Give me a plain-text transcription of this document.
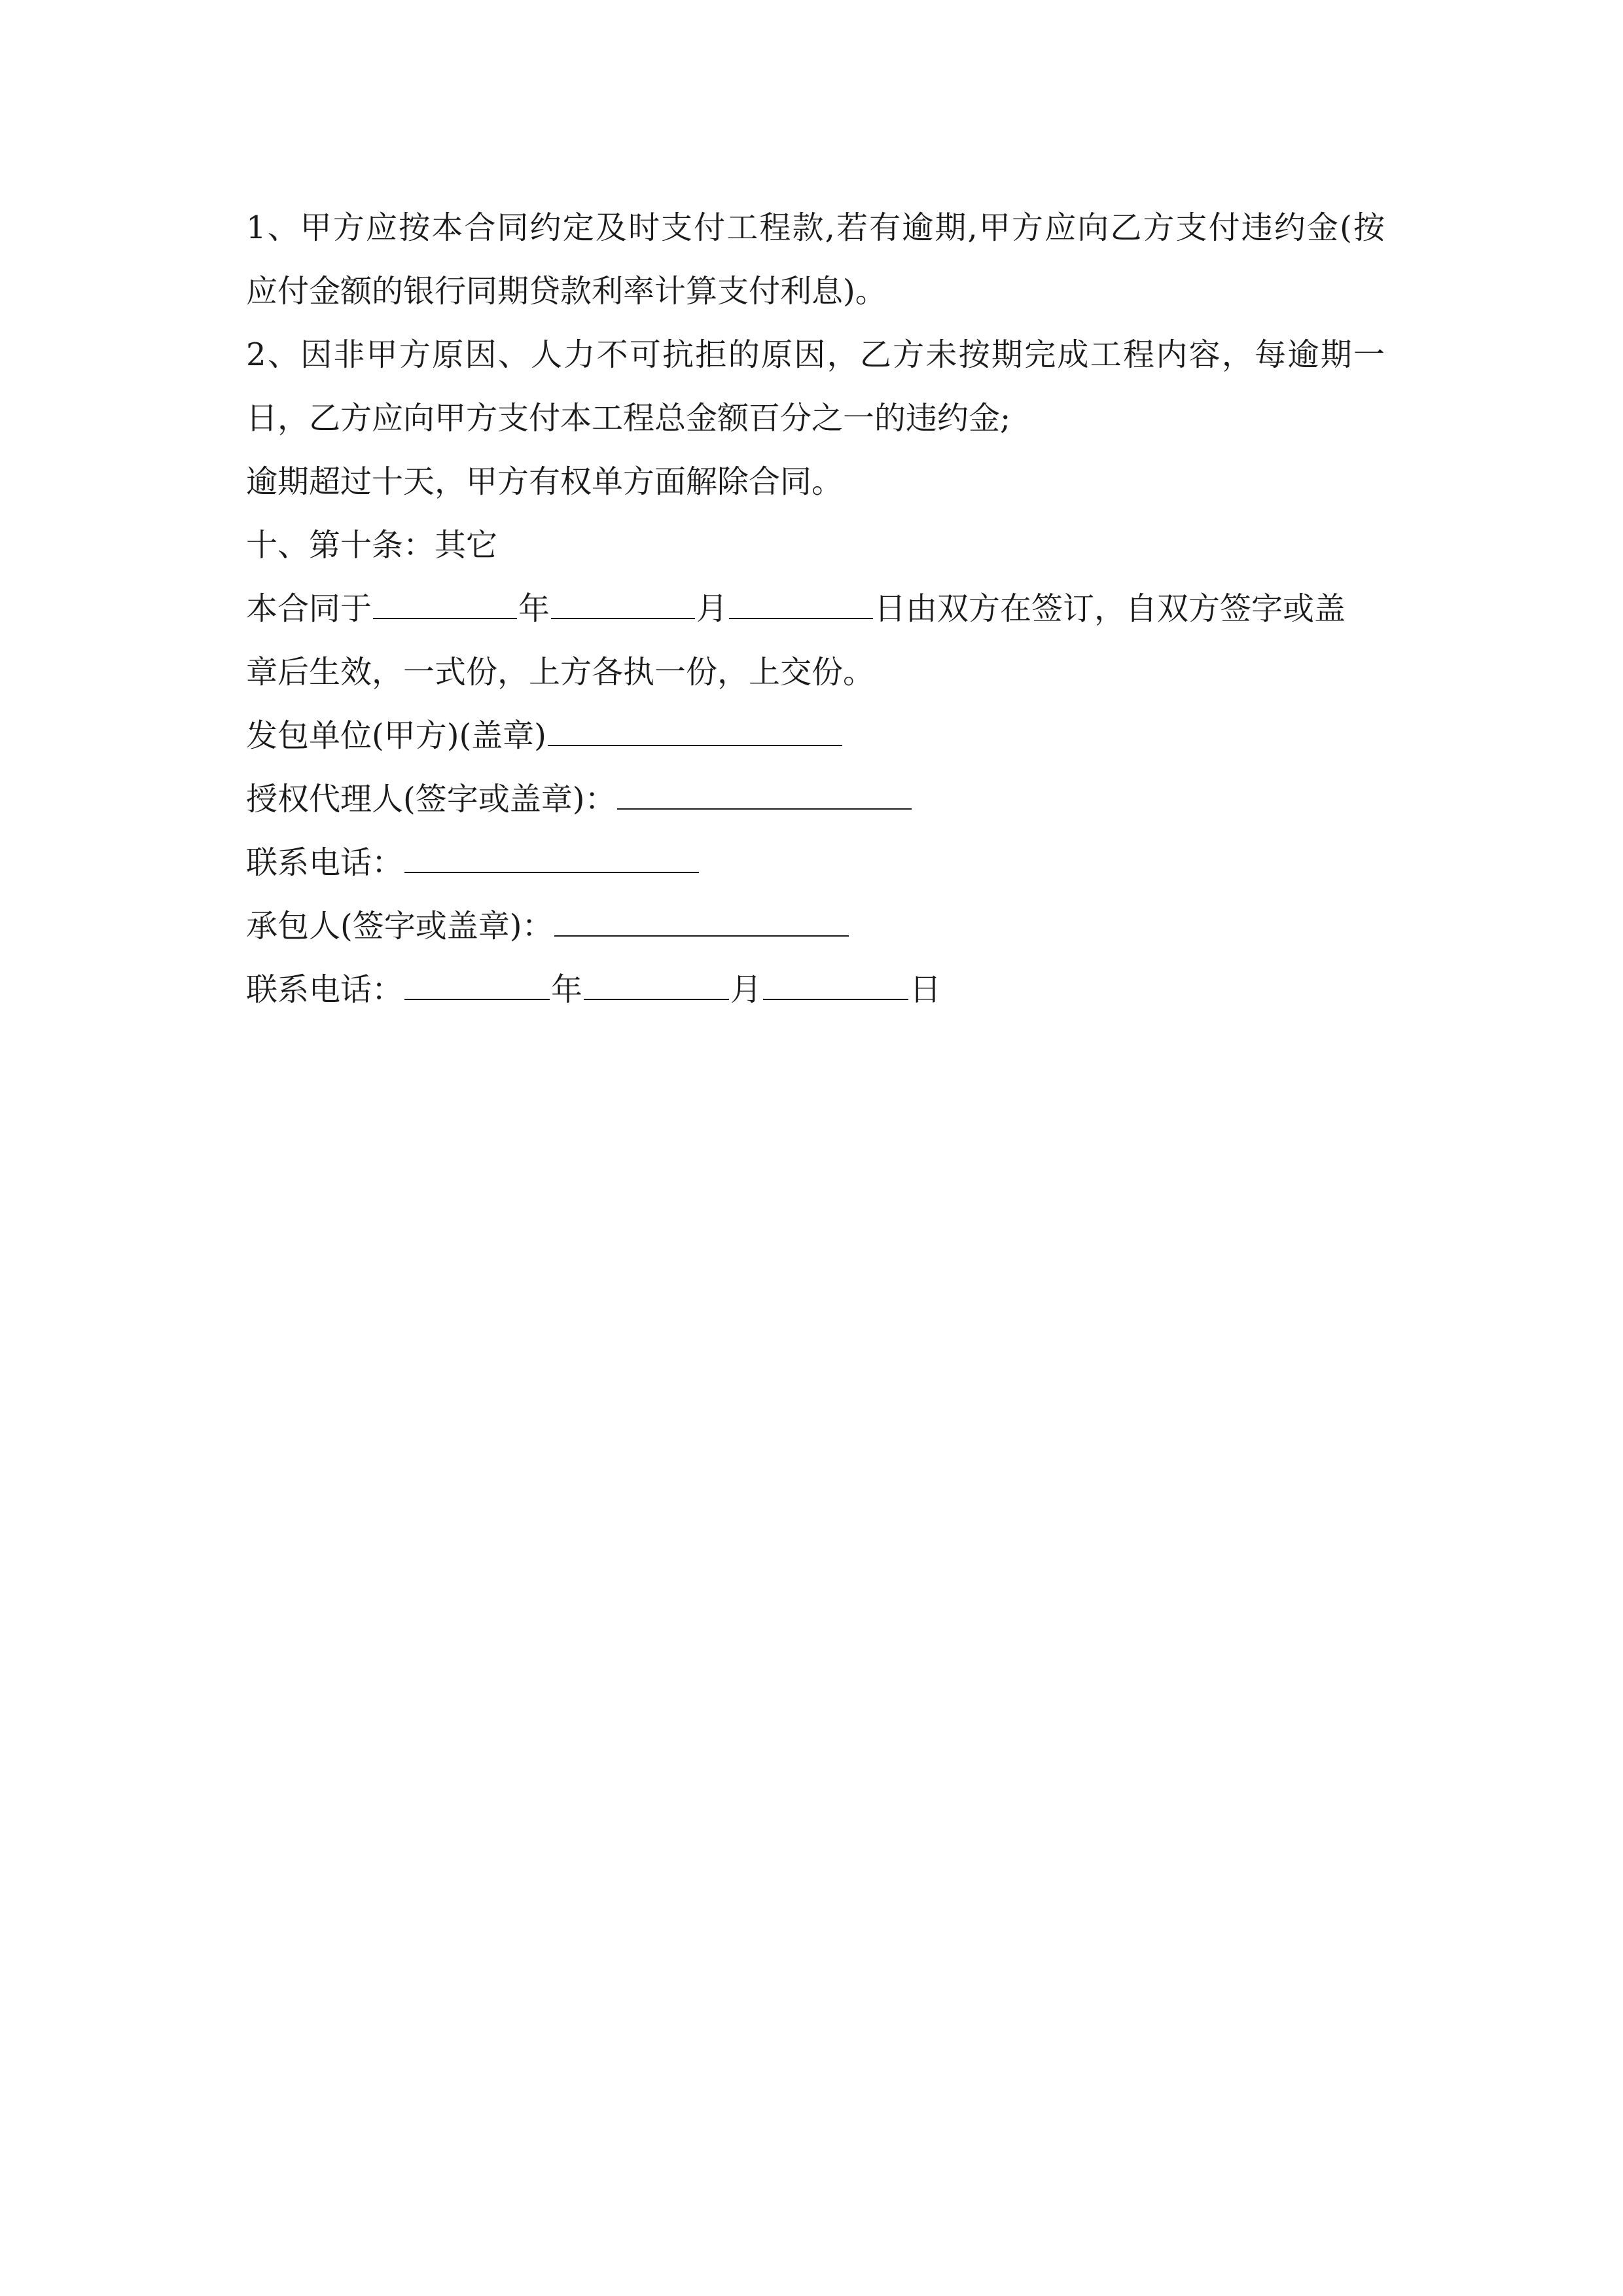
1、甲方应按本合同约定及时支付工程款,若有逾期,甲方应向乙方支付违约金(按
应付金额的银行同期贷款利率计算支付利息)。
2、因非甲方原因、人力不可抗拒的原因，乙方未按期完成工程内容，每逾期一
日，乙方应向甲方支付本工程总金额百分之一的违约金;
逾期超过十天，甲方有权单方面解除合同。
十、第十条：其它
本合同于	年	月	日由双方在签订，自双方签字或盖
章后生效，一式份，上方各执一份，上交份。
发包单位(甲方)(盖章)
授权代理人(签字或盖章)：
联系电话：
承包人(签字或盖章)：
联系电话：	年	月	日
